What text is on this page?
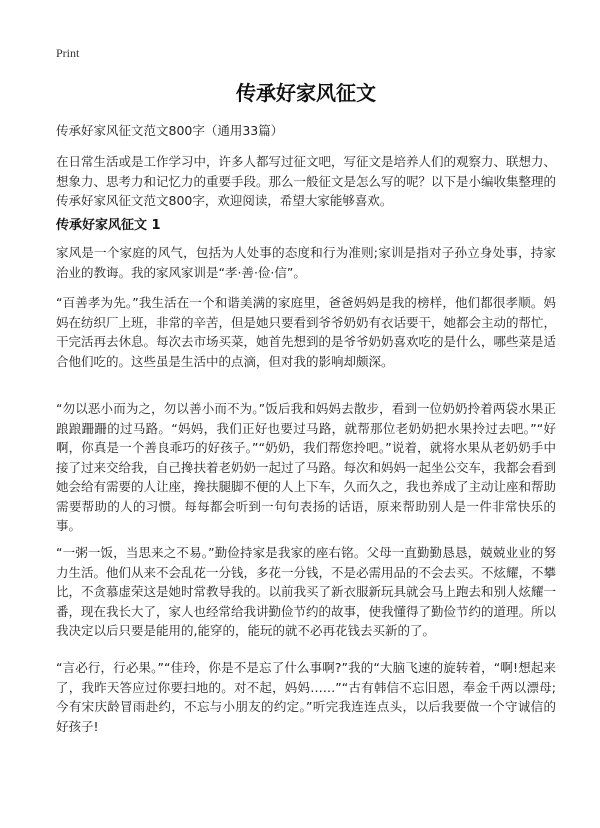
Print
传承好家风征文

传承好家风征文范文800字（通用33篇）

在日常生活或是工作学习中，许多人都写过征文吧，写征文是培养人们的观察力、联想力、想象力、思考力和记忆力的重要手段。那么一般征文是怎么写的呢？以下是小编收集整理的传承好家风征文范文800字，欢迎阅读，希望大家能够喜欢。

传承好家风征文 1

家风是一个家庭的风气，包括为人处事的态度和行为准则;家训是指对子孙立身处事，持家治业的教诲。我的家风家训是“孝·善·俭·信”。

“百善孝为先。”我生活在一个和谐美满的家庭里，爸爸妈妈是我的榜样，他们都很孝顺。妈妈在纺织厂上班，非常的辛苦，但是她只要看到爷爷奶奶有衣话要干，她都会主动的帮忙，干完活再去休息。每次去市场买菜，她首先想到的是爷爷奶奶喜欢吃的是什么，哪些菜是适合他们吃的。这些虽是生活中的点滴，但对我的影响却颇深。

“勿以恶小而为之，勿以善小而不为。”饭后我和妈妈去散步，看到一位奶奶拎着两袋水果正踉踉跚跚的过马路。“妈妈，我们正好也要过马路，就帮那位老奶奶把水果拎过去吧。”“好啊，你真是一个善良乖巧的好孩子。”“奶奶，我们帮您拎吧。”说着，就将水果从老奶奶手中接了过来交给我，自己搀扶着老奶奶一起过了马路。每次和妈妈一起坐公交车，我都会看到她会给有需要的人让座，搀扶腿脚不便的人上下车，久而久之，我也养成了主动让座和帮助需要帮助的人的习惯。每每都会听到一句句表扬的话语，原来帮助别人是一件非常快乐的事。

“一粥一饭，当思来之不易。”勤俭持家是我家的座右铭。父母一直勤勤恳恳，兢兢业业的努力生活。他们从来不会乱花一分钱，多花一分钱，不是必需用品的不会去买。不炫耀，不攀比，不贪慕虚荣这是她时常教导我的。以前我买了新衣服新玩具就会马上跑去和别人炫耀一番，现在我长大了，家人也经常给我讲勤俭节约的故事，使我懂得了勤俭节约的道理。所以我决定以后只要是能用的,能穿的，能玩的就不必再花钱去买新的了。

“言必行，行必果。”“佳玲，你是不是忘了什么事啊?”我的“大脑飞速的旋转着，“啊!想起来了，我昨天答应过你要扫地的。对不起，妈妈……”“古有韩信不忘旧恩，奉金千两以漂母;今有宋庆龄冒雨赴约，不忘与小朋友的约定。”听完我连连点头，以后我要做一个守诚信的好孩子!
